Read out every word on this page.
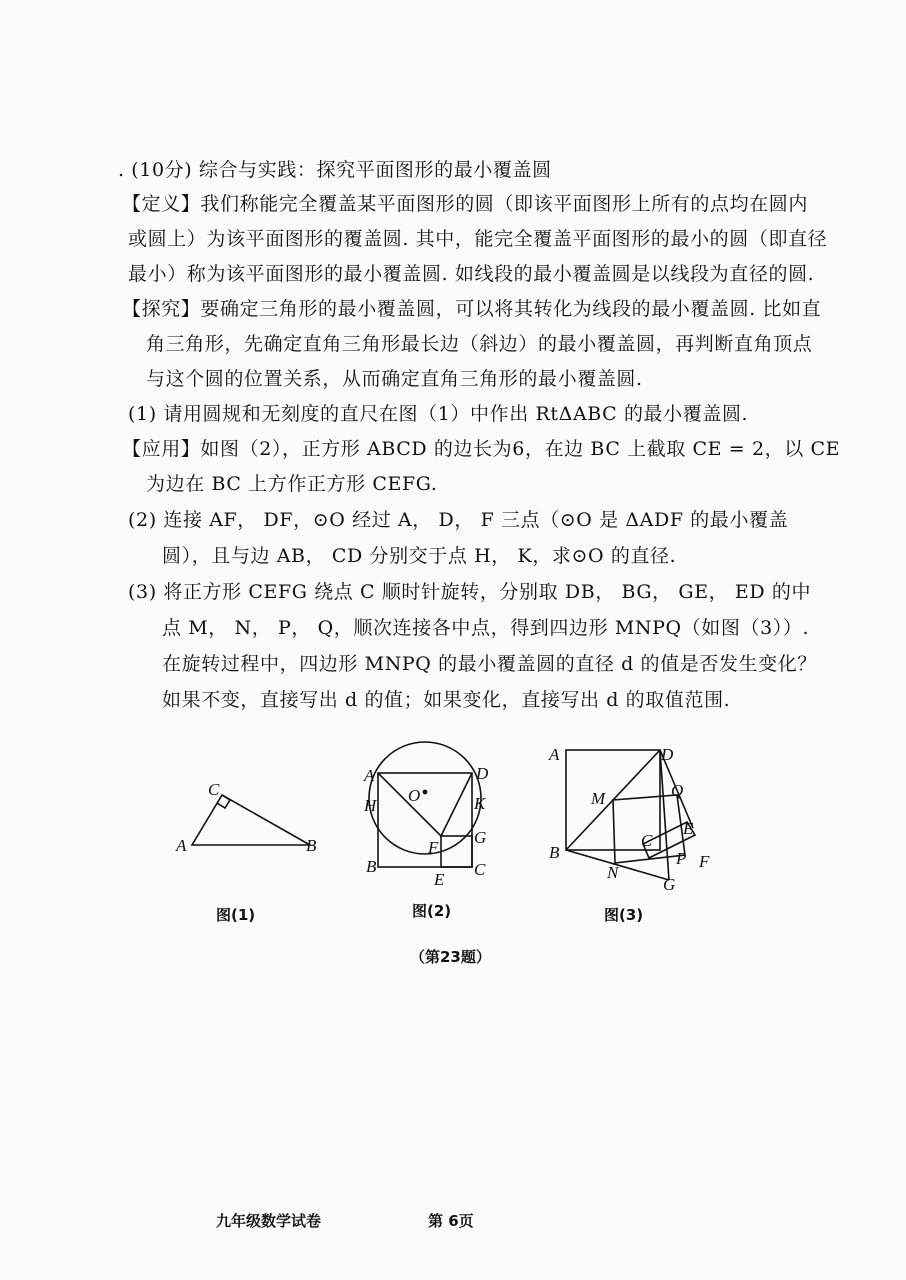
. (10分) 综合与实践：探究平面图形的最小覆盖圆
【定义】我们称能完全覆盖某平面图形的圆（即该平面图形上所有的点均在圆内
或圆上）为该平面图形的覆盖圆. 其中，能完全覆盖平面图形的最小的圆（即直径
最小）称为该平面图形的最小覆盖圆. 如线段的最小覆盖圆是以线段为直径的圆.
【探究】要确定三角形的最小覆盖圆，可以将其转化为线段的最小覆盖圆. 比如直
角三角形，先确定直角三角形最长边（斜边）的最小覆盖圆，再判断直角顶点
与这个圆的位置关系，从而确定直角三角形的最小覆盖圆.
(1) 请用圆规和无刻度的直尺在图（1）中作出 RtΔABC 的最小覆盖圆.
【应用】如图（2），正方形 ABCD 的边长为6，在边 BC 上截取 CE = 2，以 CE
为边在 BC 上方作正方形 CEFG.
(2) 连接 AF， DF，⊙O 经过 A， D， F 三点（⊙O 是 ΔADF 的最小覆盖
圆），且与边 AB， CD 分别交于点 H， K，求⊙O 的直径.
(3) 将正方形 CEFG 绕点 C 顺时针旋转，分别取 DB， BG， GE， ED 的中
点 M， N， P， Q，顺次连接各中点，得到四边形 MNPQ（如图（3））.
在旋转过程中，四边形 MNPQ 的最小覆盖圆的直径 d 的值是否发生变化？
如果不变，直接写出 d 的值；如果变化，直接写出 d 的取值范围.
A
C
B
图(1)
A	D
H	K
O
F
G
B	C
E
图(2)
A	D
M	Q
E
C
P F
B
N
G
图(3)
（第23题）
九年级数学试卷	第 6页
